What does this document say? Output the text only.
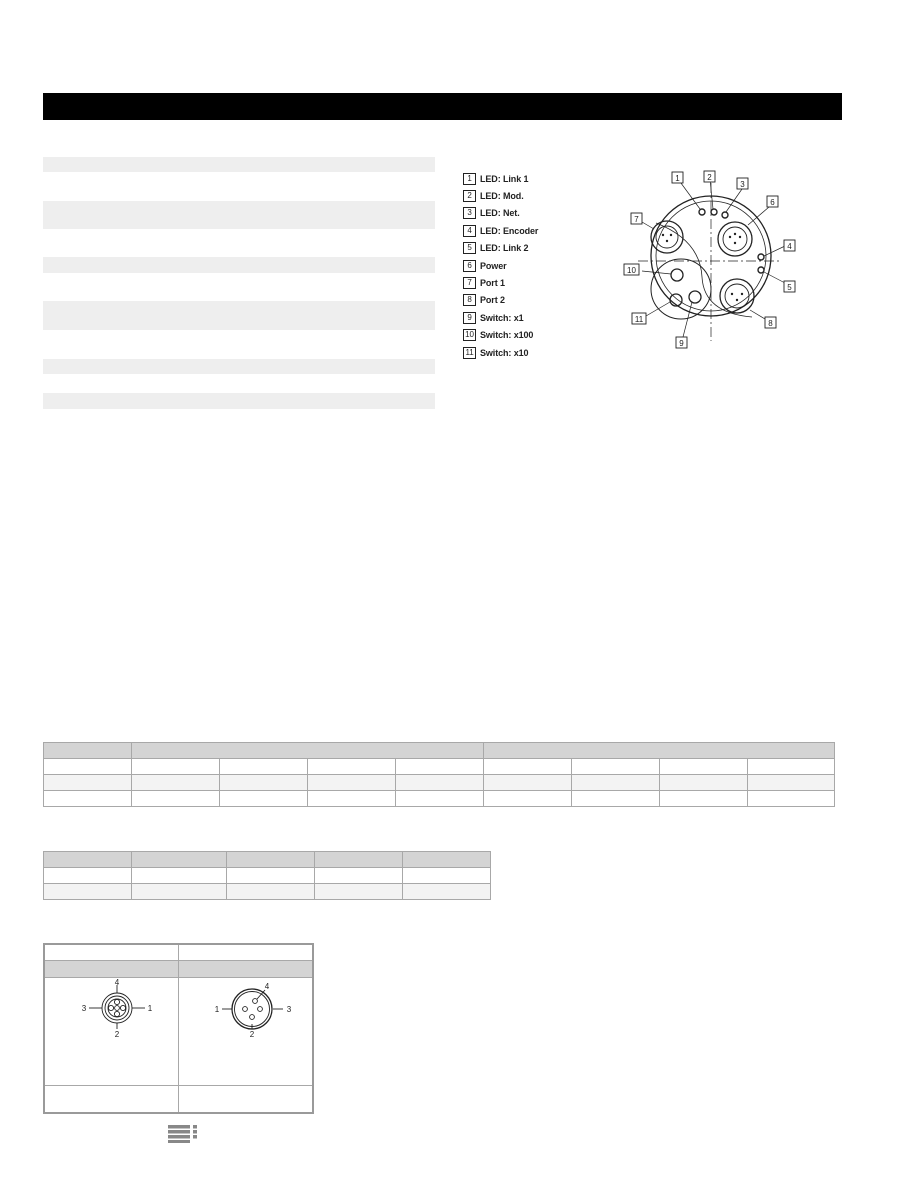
1 LED: Link 1
2 LED: Mod.
3 LED: Net.
4 LED: Encoder
5 LED: Link 2
6 Power
7 Port 1
8 Port 2
9 Switch: x1
10 Switch: x100
11 Switch: x10
1	2
3
4
5
6
7
8
9
10
11

4
3	1
2
4
1	3
2
